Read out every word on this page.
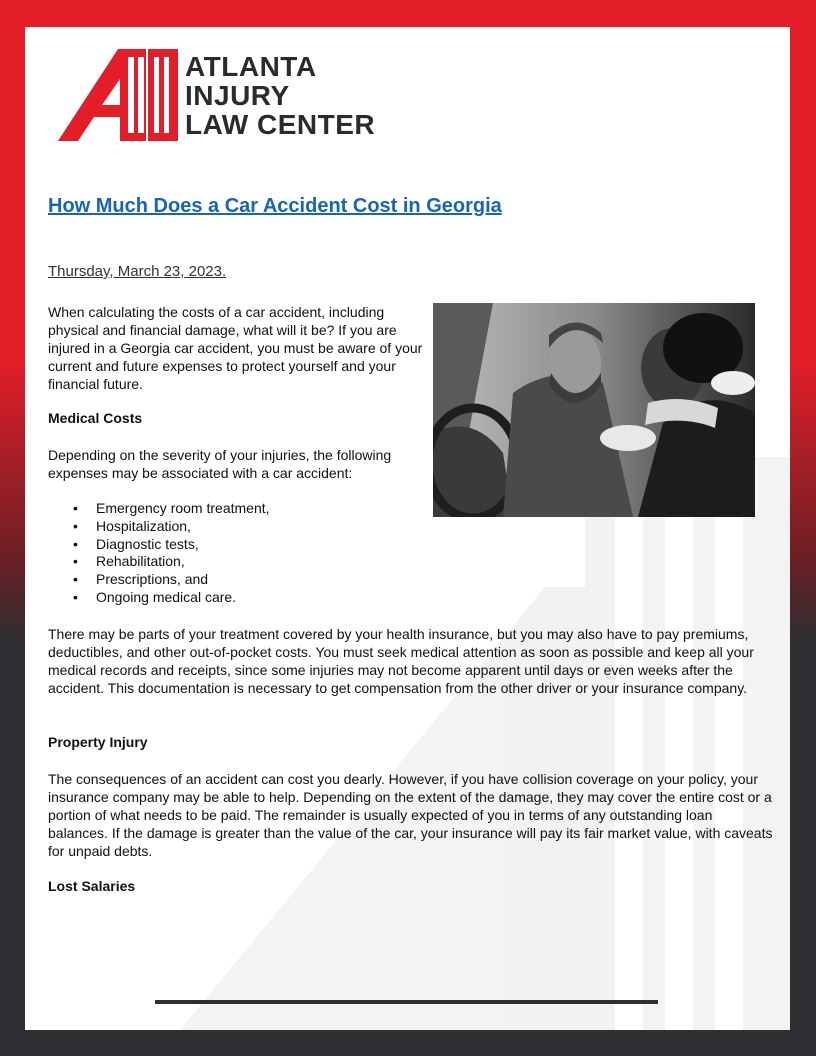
ATLANTA
INJURY
LAW CENTER
How Much Does a Car Accident Cost in Georgia
Thursday, March 23, 2023.
When calculating the costs of a car accident, including physical and financial damage, what will it be? If you are injured in a Georgia car accident, you must be aware of your current and future expenses to protect yourself and your financial future.
Medical Costs
Depending on the severity of your injuries, the following expenses may be associated with a car accident:
• Emergency room treatment,
• Hospitalization,
• Diagnostic tests,
• Rehabilitation,
• Prescriptions, and
• Ongoing medical care.
There may be parts of your treatment covered by your health insurance, but you may also have to pay premiums, deductibles, and other out-of-pocket costs. You must seek medical attention as soon as possible and keep all your medical records and receipts, since some injuries may not become apparent until days or even weeks after the accident. This documentation is necessary to get compensation from the other driver or your insurance company.
Property Injury
The consequences of an accident can cost you dearly. However, if you have collision coverage on your policy, your insurance company may be able to help. Depending on the extent of the damage, they may cover the entire cost or a portion of what needs to be paid. The remainder is usually expected of you in terms of any outstanding loan balances. If the damage is greater than the value of the car, your insurance will pay its fair market value, with caveats for unpaid debts.
Lost Salaries
